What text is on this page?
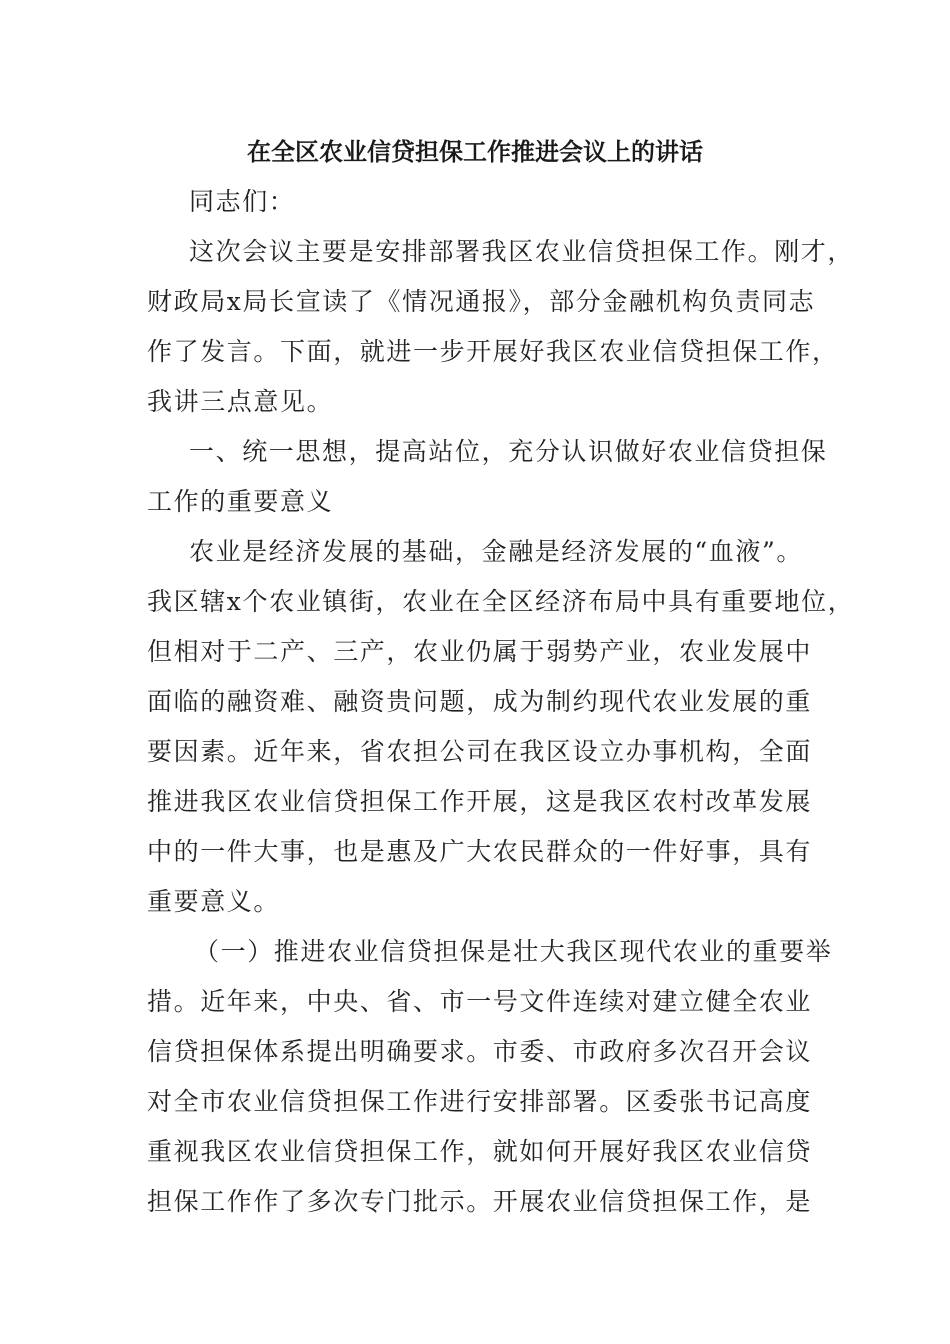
在全区农业信贷担保工作推进会议上的讲话
同志们：
这次会议主要是安排部署我区农业信贷担保工作。刚才，
财政局x局长宣读了《情况通报》，部分金融机构负责同志
作了发言。下面，就进一步开展好我区农业信贷担保工作，
我讲三点意见。
一、统一思想，提高站位，充分认识做好农业信贷担保
工作的重要意义
农业是经济发展的基础，金融是经济发展的“血液”。
我区辖x个农业镇街，农业在全区经济布局中具有重要地位，
但相对于二产、三产，农业仍属于弱势产业，农业发展中
面临的融资难、融资贵问题，成为制约现代农业发展的重
要因素。近年来，省农担公司在我区设立办事机构，全面
推进我区农业信贷担保工作开展，这是我区农村改革发展
中的一件大事，也是惠及广大农民群众的一件好事，具有
重要意义。
（一）推进农业信贷担保是壮大我区现代农业的重要举
措。近年来，中央、省、市一号文件连续对建立健全农业
信贷担保体系提出明确要求。市委、市政府多次召开会议
对全市农业信贷担保工作进行安排部署。区委张书记高度
重视我区农业信贷担保工作，就如何开展好我区农业信贷
担保工作作了多次专门批示。开展农业信贷担保工作，是
